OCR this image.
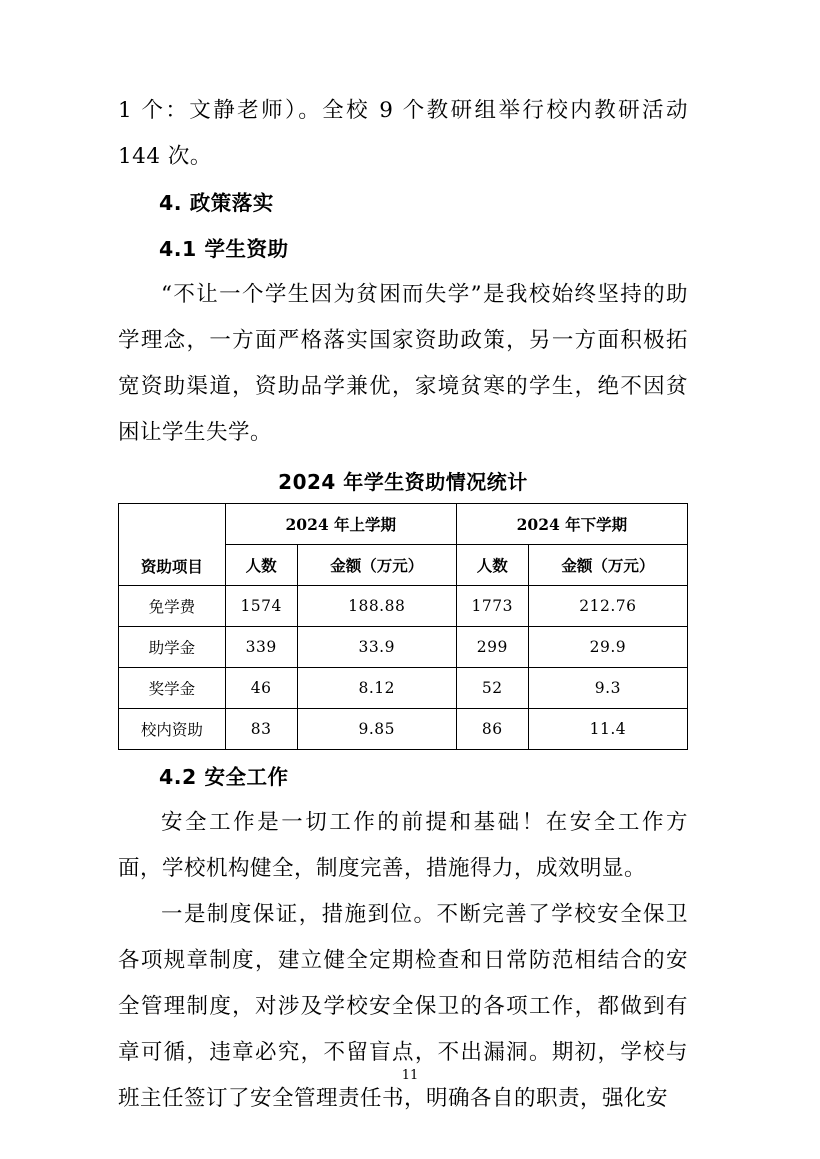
1 个：文静老师）。全校 9 个教研组举行校内教研活动 144 次。

4. 政策落实

4.1 学生资助

“不让一个学生因为贫困而失学”是我校始终坚持的助学理念，一方面严格落实国家资助政策，另一方面积极拓宽资助渠道，资助品学兼优，家境贫寒的学生，绝不因贫困让学生失学。

2024 年学生资助情况统计
资助项目	2024 年上学期		2024 年下学期	
	人数	金额（万元）	人数	金额（万元）
免学费	1574	188.88	1773	212.76
助学金	339	33.9	299	29.9
奖学金	46	8.12	52	9.3
校内资助	83	9.85	86	11.4

4.2 安全工作

安全工作是一切工作的前提和基础！在安全工作方面，学校机构健全，制度完善，措施得力，成效明显。

一是制度保证，措施到位。不断完善了学校安全保卫各项规章制度，建立健全定期检查和日常防范相结合的安全管理制度，对涉及学校安全保卫的各项工作，都做到有章可循，违章必究，不留盲点，不出漏洞。期初，学校与班主任签订了安全管理责任书，明确各自的职责，强化安

11
